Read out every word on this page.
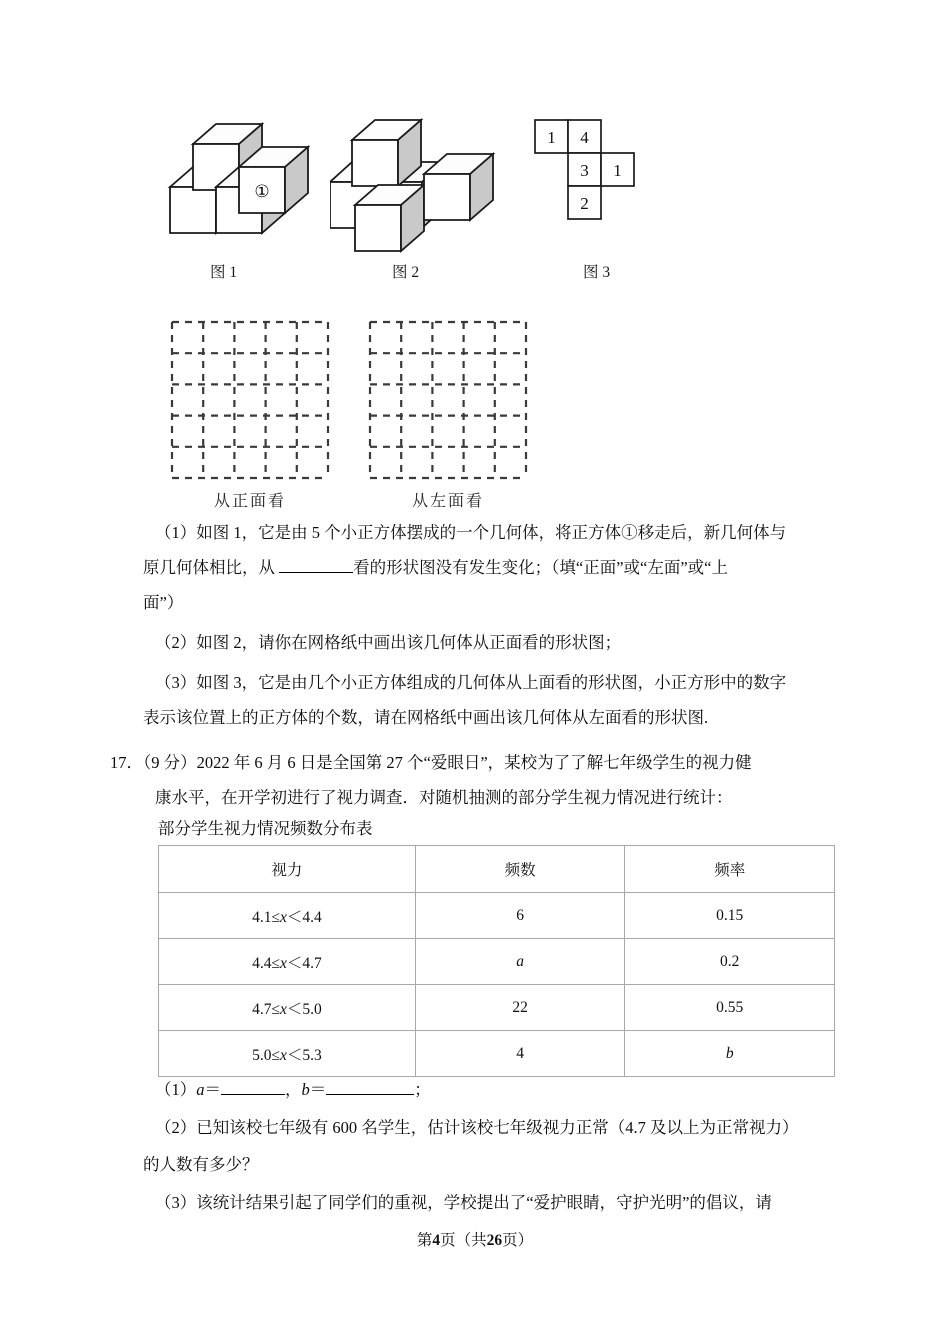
①
图 1	图 2
1 4
3 1
2
图 3
从正面看	从左面看
（1）如图 1，它是由 5 个小正方体摆成的一个几何体，将正方体①移走后，新几何体与
原几何体相比，从	看的形状图没有发生变化；（填“正面”或“左面”或“上
面”）
（2）如图 2，请你在网格纸中画出该几何体从正面看的形状图；
（3）如图 3，它是由几个小正方体组成的几何体从上面看的形状图，小正方形中的数字
表示该位置上的正方体的个数，请在网格纸中画出该几何体从左面看的形状图.
17．（9 分）2022 年 6 月 6 日是全国第 27 个“爱眼日”，某校为了了解七年级学生的视力健
康水平，在开学初进行了视力调查．对随机抽测的部分学生视力情况进行统计：
部分学生视力情况频数分布表
视力	频数	频率
4.1≤x＜4.4	6	0.15
4.4≤x＜4.7	a	0.2
4.7≤x＜5.0	22	0.55
5.0≤x＜5.3	4	b
（1）a＝	，b＝	；
（2）已知该校七年级有 600 名学生，估计该校七年级视力正常（4.7 及以上为正常视力）
的人数有多少？
（3）该统计结果引起了同学们的重视，学校提出了“爱护眼睛，守护光明”的倡议，请
第4页（共26页）
